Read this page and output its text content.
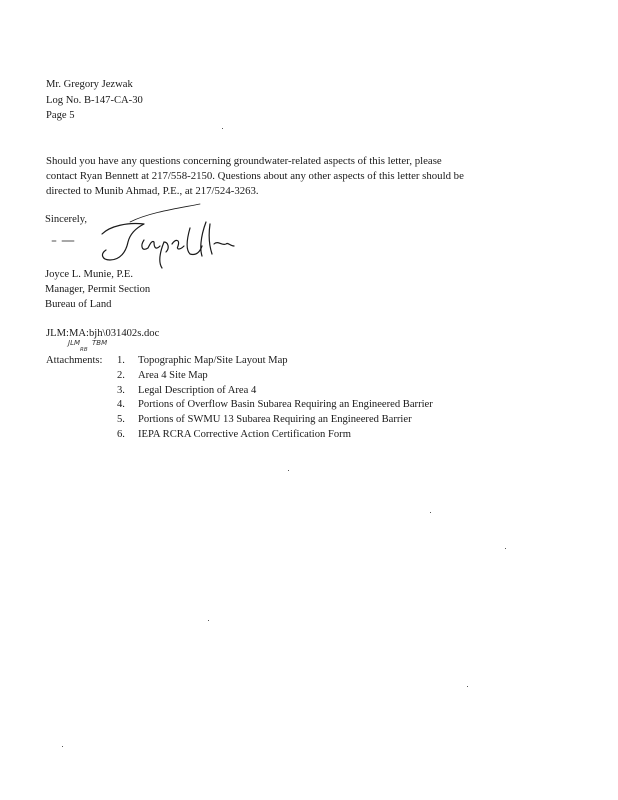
Mr. Gregory Jezwak
Log No. B-147-CA-30
Page 5
Should you have any questions concerning groundwater-related aspects of this letter, please
contact Ryan Bennett at 217/558-2150. Questions about any other aspects of this letter should be
directed to Munib Ahmad, P.E., at 217/524-3263.
Sincerely,
Joyce L. Munie, P.E.
Manager, Permit Section
Bureau of Land
JLM:MA:bjh\031402s.doc
JLM
RB
TBM
Attachments: 1.	Topographic Map/Site Layout Map
2.	Area 4 Site Map
3.	Legal Description of Area 4
4.	Portions of Overflow Basin Subarea Requiring an Engineered Barrier
5.	Portions of SWMU 13 Subarea Requiring an Engineered Barrier
6.	IEPA RCRA Corrective Action Certification Form
